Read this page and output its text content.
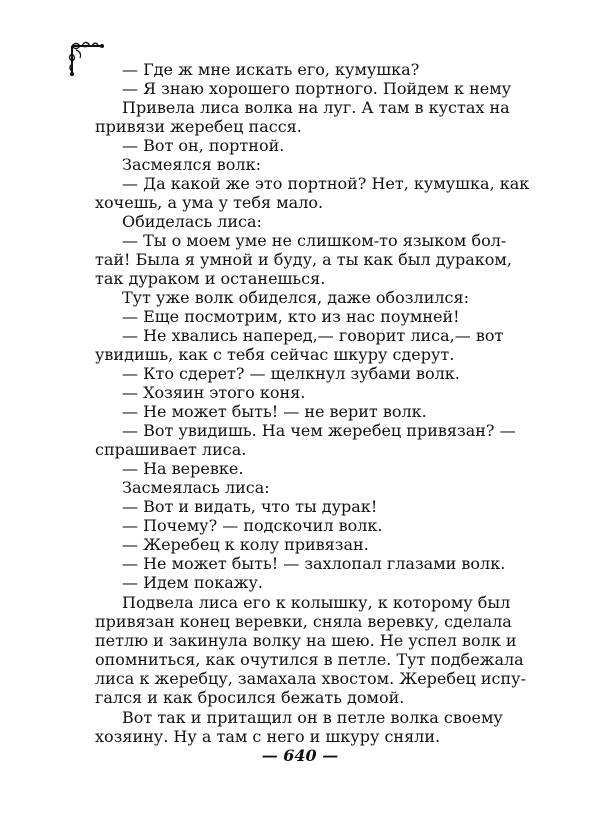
— Где ж мне искать его, кумушка?
— Я знаю хорошего портного. Пойдем к нему
Привела лиса волка на луг. А там в кустах на
привязи жеребец пасся.
— Вот он, портной.
Засмеялся волк:
— Да какой же это портной? Нет, кумушка, как
хочешь, а ума у тебя мало.
Обиделась лиса:
— Ты о моем уме не слишком-то языком бол-
тай! Была я умной и буду, а ты как был дураком,
так дураком и останешься.
Тут уже волк обиделся, даже обозлился:
— Еще посмотрим, кто из нас поумней!
— Не хвались наперед,— говорит лиса,— вот
увидишь, как с тебя сейчас шкуру сдерут.
— Кто сдерет? — щелкнул зубами волк.
— Хозяин этого коня.
— Не может быть! — не верит волк.
— Вот увидишь. На чем жеребец привязан? —
спрашивает лиса.
— На веревке.
Засмеялась лиса:
— Вот и видать, что ты дурак!
— Почему? — подскочил волк.
— Жеребец к колу привязан.
— Не может быть! — захлопал глазами волк.
— Идем покажу.
Подвела лиса его к колышку, к которому был
привязан конец веревки, сняла веревку, сделала
петлю и закинула волку на шею. Не успел волк и
опомниться, как очутился в петле. Тут подбежала
лиса к жеребцу, замахала хвостом. Жеребец испу-
гался и как бросился бежать домой.
Вот так и притащил он в петле волка своему
хозяину. Ну а там с него и шкуру сняли.
— 640 —
